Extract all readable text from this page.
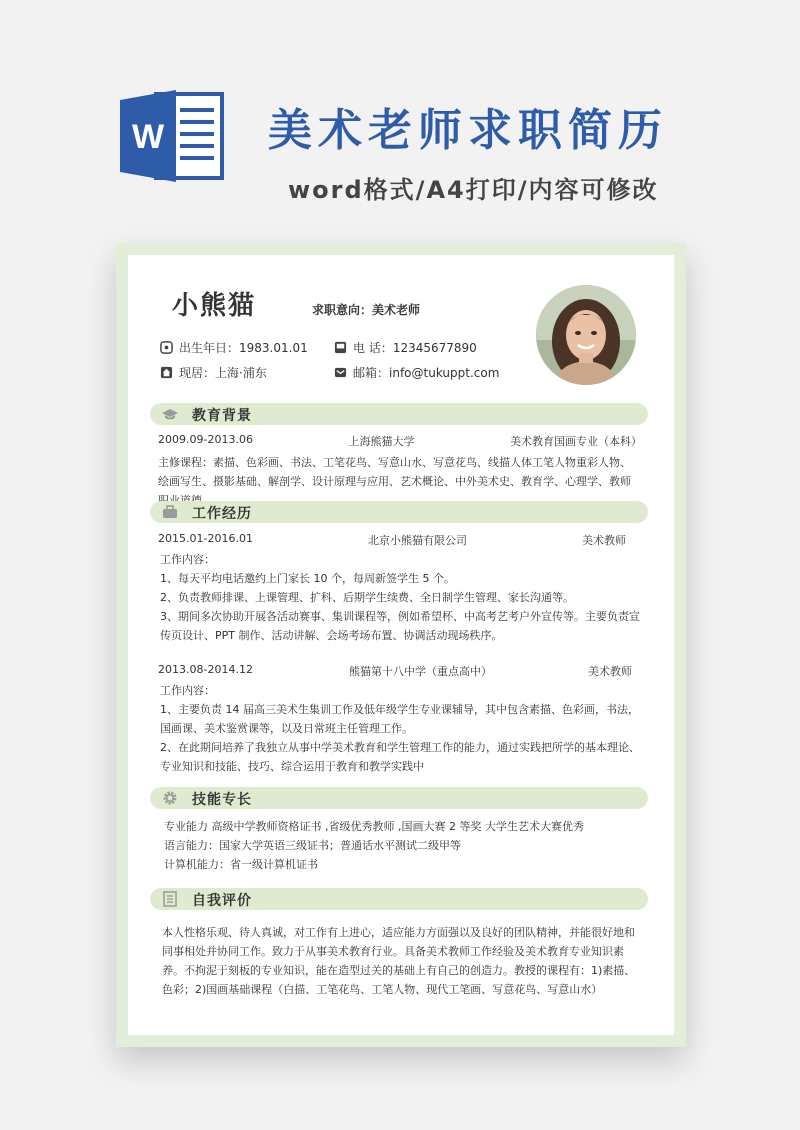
W 美术老师求职简历
word格式/A4打印/内容可修改
小熊猫	求职意向：美术老师
出生年日：1983.01.01	电 话：12345677890
现居：上海·浦东	邮箱：info@tukuppt.com
教育背景
2009.09-2013.06	上海熊猫大学	美术教育国画专业（本科）
主修课程：素描、色彩画、书法、工笔花鸟、写意山水、写意花鸟、线描人体工笔人物重彩人物、绘画写生、摄影基础、解剖学、设计原理与应用、艺术概论、中外美术史、教育学、心理学、教师
工作经历
2015.01-2016.01	北京小熊猫有限公司	美术教师
工作内容：
1、每天平均电话邀约上门家长 10 个，每周新签学生 5 个。
2、负责教师排课、上课管理、扩科、后期学生续费、全日制学生管理、家长沟通等。
3、期间多次协助开展各活动赛事、集训课程等，例如希望杯、中高考艺考户外宣传等。主要负责宣传页设计、PPT 制作、活动讲解、会场考场布置、协调活动现场秩序。
2013.08-2014.12	熊猫第十八中学（重点高中）	美术教师
工作内容：
1、主要负责 14 届高三美术生集训工作及低年级学生专业课辅导，其中包含素描、色彩画，书法，国画课、美术鉴赏课等，以及日常班主任管理工作。
2、在此期间培养了我独立从事中学美术教育和学生管理工作的能力，通过实践把所学的基本理论、专业知识和技能、技巧、综合运用于教育和教学实践中
技能专长
专业能力 高级中学教师资格证书 ,省级优秀教师 ,国画大赛 2 等奖 大学生艺术大赛优秀
语言能力：国家大学英语三级证书；普通话水平测试二级甲等
计算机能力：省一级计算机证书
自我评价
本人性格乐观、待人真诚，对工作有上进心，适应能力方面强以及良好的团队精神，并能很好地和同事相处并协同工作。致力于从事美术教育行业。具备美术教师工作经验及美术教育专业知识素养。不拘泥于刻板的专业知识，能在造型过关的基础上有自己的创造力。教授的课程有：1)素描、色彩；2)国画基础课程（白描、工笔花鸟、工笔人物、现代工笔画、写意花鸟、写意山水）
